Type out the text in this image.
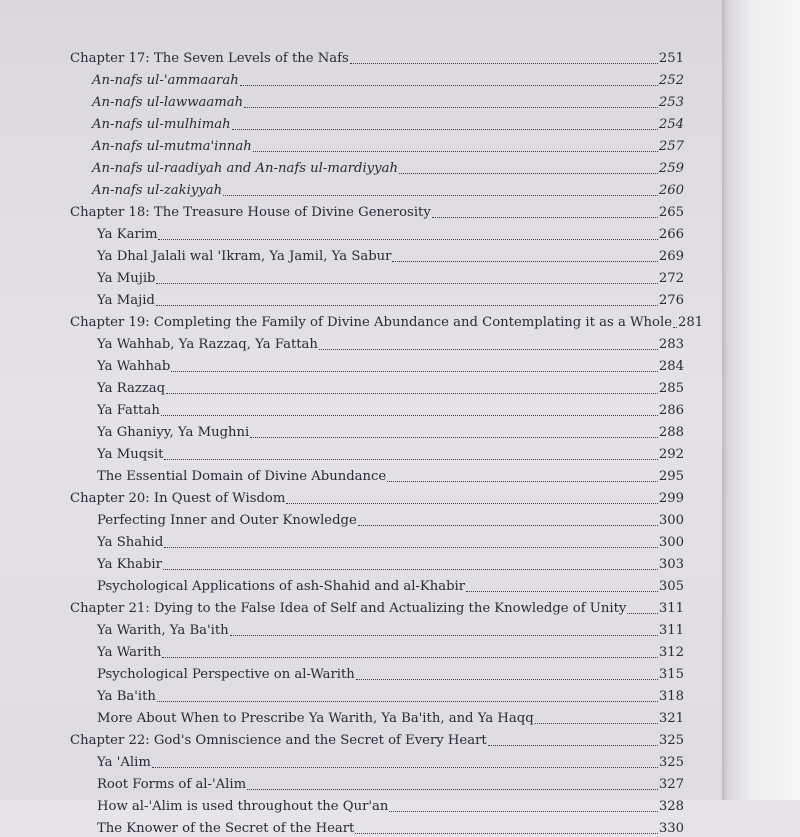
Chapter 17: The Seven Levels of the Nafs	251
An-nafs ul-'ammaarah	252
An-nafs ul-lawwaamah	253
An-nafs ul-mulhimah	254
An-nafs ul-mutma'innah	257
An-nafs ul-raadiyah and An-nafs ul-mardiyyah	259
An-nafs ul-zakiyyah	260
Chapter 18: The Treasure House of Divine Generosity	265
Ya Karim	266
Ya Dhal Jalali wal 'Ikram, Ya Jamil, Ya Sabur	269
Ya Mujib	272
Ya Majid	276
Chapter 19: Completing the Family of Divine Abundance and Contemplating it as a Whole 281
Ya Wahhab, Ya Razzaq, Ya Fattah	283
Ya Wahhab	284
Ya Razzaq	285
Ya Fattah	286
Ya Ghaniyy, Ya Mughni	288
Ya Muqsit	292
The Essential Domain of Divine Abundance	295
Chapter 20: In Quest of Wisdom	299
Perfecting Inner and Outer Knowledge	300
Ya Shahid	300
Ya Khabir	303
Psychological Applications of ash-Shahid and al-Khabir	305
Chapter 21: Dying to the False Idea of Self and Actualizing the Knowledge of Unity 311
Ya Warith, Ya Ba'ith	311
Ya Warith	312
Psychological Perspective on al-Warith	315
Ya Ba'ith	318
More About When to Prescribe Ya Warith, Ya Ba'ith, and Ya Haqq	321
Chapter 22: God's Omniscience and the Secret of Every Heart	325
Ya 'Alim	325
Root Forms of al-'Alim	327
How al-'Alim is used throughout the Qur'an	328
The Knower of the Secret of the Heart	330
